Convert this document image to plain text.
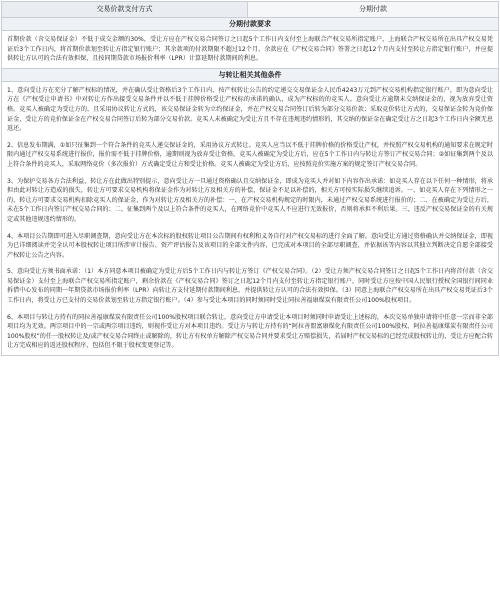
交易价款支付方式	分期付款
分期付款要求

首期价款（含交易保证金）不低于成交金额的30%，受让方应在产权交易合同签订之日起5个工作日内支付至上海联合产权交易所指定账户，上海联合产权交易所在出具产权交易凭证后3个工作日内，将首期价款划至转让方指定银行账户；其余款项的付款期限不超过12个月，余款应在《产权交易合同》签署之日起12个月内支付至转让方指定银行账户，并应提供转让方认可的合法有效担保，且按同期贷款市场报价利率（LPR）计算延期付款期间的利息。

与转让相关其他条件

1、意向受让方在充分了解产权标的情况，并在确认受让资格后3个工作日内，按产权转让公告的约定递交交易保证金人民币4243万元到产权交易机构指定银行账户，即为意向受让方在《产权受让申请书》中对转让方作出接受交易条件并以不低于挂牌价格受让产权标的承诺的确认，成为产权标的的竞买人。意向受让方逾期未交纳保证金的，视为放弃受让资格。竞买人被确定为受让方的，且采用协议转让方式的，该交易保证金转为立约保证金，并在产权交易合同签订后转为部分交易价款；采取竞价转让方式的，交易保证金转为竞价保证金，受让方的竞价保证金在产权交易合同签订后转为部分交易价款。竞买人未被确定为受让方且不存在违规违约情形的，其交纳的保证金在确定受让方之日起3个工作日内全额无息返还。

2、信息发布期满，①如只征集到一个符合条件的竞买人递交保证金的，采用协议方式转让。竞买人应当以不低于挂牌价格的价格受让产权，并按照产权交易机构的通知要求在规定时限内通过产权交易系统进行报价，报价需不低于挂牌价格，逾期则视为放弃受让资格。竞买人被确定为受让方后，应在5个工作日内与转让方签订产权交易合同；②如征集到两个及以上符合条件的竞买人，采取网络竞价（多次报价）方式确定受让方和受让价格。竞买人被确定为受让方后，应按照竞价实施方案的规定签订产权交易合同。

3、为保护交易各方合法利益，转让方在此做出特别提示，意向受让方一旦通过资格确认且交纳保证金，即成为竞买人并对如下内容作出承诺：如竞买人存在以下任何一种情形，将承担由此对转让方造成的损失，转让方可要求交易机构将保证金作为对转让方及相关方的补偿，保证金不足以补偿的，相关方可按实际损失继续追诉。一、如竞买人存在下列情形之一的，转让方可要求交易机构扣除竞买人的保证金，作为对转让方及相关方的补偿：一、在产权交易机构规定的时限内，未通过产权交易系统进行报价的；二、在被确定为受让方后，未在5个工作日内签订产权交易合同的；二、征集到两个及以上符合条件的竞买人，在网络竞价中竞买人不应进行无效报价，否则将承担不利后果。三、违反产权交易保证金的有关规定或其他违规违约情形的。

4、本项目公告期即可进入尽职调查期，意向受让方在本次标的股权转让项目公告期间有权利和义务自行对产权交易标的进行全面了解。意向受让方通过资格确认并交纳保证金，即视为已详细阅读并完全认可本股权转让项目所涉审计报告、资产评估报告及该项目的全部文件内容，已完成对本项目的全部尽职调查，并依据该等内容以其独立判断决定自愿全部接受产权转让公告之内容。

5、意向受让方须书面承诺：（1）本方同意本项目被确定为受让方后5个工作日内与转让方签订《产权交易合同》。（2）受让方须产权交易合同签订之日起5个工作日内将首付款（含交易保证金）支付至上海联合产权交易所指定账户，剩余价款在《产权交易合同》签订之日起12个月内支付至转让方指定银行账户，同时受让方应按中国人民银行授权全国银行间同业拆借中心发布的同期一年期贷款市场报价利率（LPR）向转让方支付延期付款期间利息，并提供转让方认可的合法有效担保。（3）同意上海联合产权交易所在出具产权交易凭证后3个工作日内，将受让方已支付的交易价款划至转让方指定银行账户。（4）参与受让本项目的同时须同时受让同拉善福康煤炭有限责任公司100%股权项目。

6、本项目与转让方持有的同拉善福康煤炭有限责任公司100%股权项目联合转让，意向受让方申请受让本项目时须同时申请受让上述标的，本次交易单独申请将中任意一宗而非全部项目均为无效。两宗项目中的一宗或两宗项目违约，则视作受让方对本项目违约。受让方与转让方持有的“阿拉善盟富康煤化有限责任公司100%股权、阿拉善福康煤炭有限责任公司100%股权”的任一股权转让及/或产权交易合同终止或解除的，转让方有权单方解除产权交易合同并要求受让方赔偿损失，若届时产权交易标的已经完成股权转让的，受让方应配合转让方完成相应的返还股权程序，包括但不限于股权变更登记等。
